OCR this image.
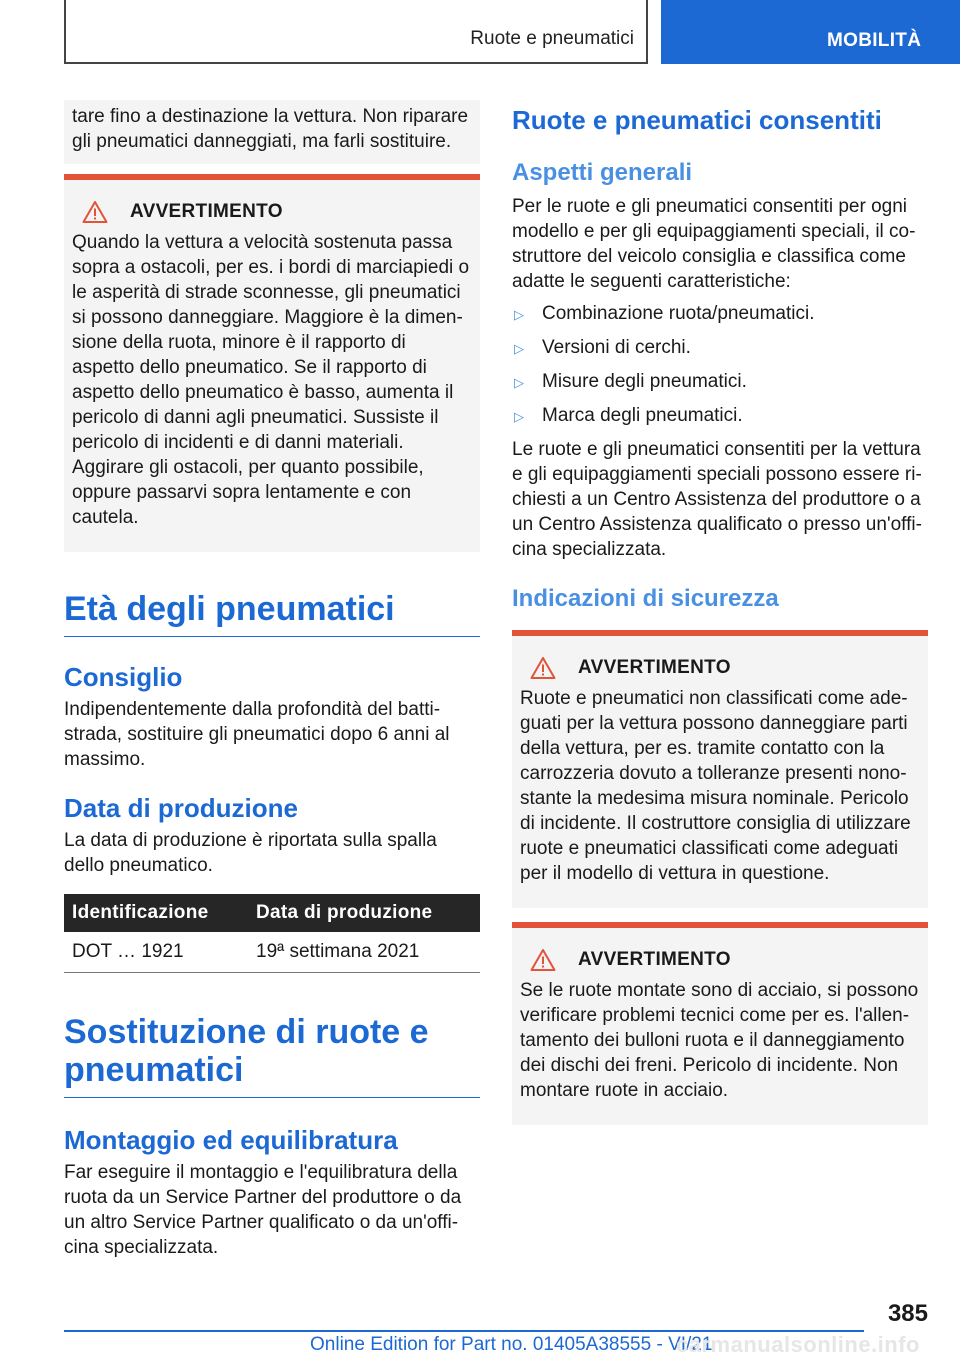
Ruote e pneumatici	MOBILITÀ

tare fino a destinazione la vettura. Non riparare gli pneumatici danneggiati, ma farli sostituire.

AVVERTIMENTO

Quando la vettura a velocità sostenuta passa sopra a ostacoli, per es. i bordi di marciapiedi o le asperità di strade sconnesse, gli pneumatici si possono danneggiare. Maggiore è la dimensione della ruota, minore è il rapporto di aspetto dello pneumatico. Se il rapporto di aspetto dello pneumatico è basso, aumenta il pericolo di danni agli pneumatici. Sussiste il pericolo di incidenti e di danni materiali. Aggirare gli ostacoli, per quanto possibile, oppure passarvi sopra lentamente e con cautela.

Età degli pneumatici
Consiglio

Indipendentemente dalla profondità del battistrada, sostituire gli pneumatici dopo 6 anni al massimo.

Data di produzione

La data di produzione è riportata sulla spalla dello pneumatico.

Identificazione	Data di produzione
DOT … 1921	19ª settimana 2021
Sostituzione di ruote e pneumatici
Montaggio ed equilibratura

Far eseguire il montaggio e l'equilibratura della ruota da un Service Partner del produttore o da un altro Service Partner qualificato o da un'officina specializzata.

Ruote e pneumatici consentiti
Aspetti generali

Per le ruote e gli pneumatici consentiti per ogni modello e per gli equipaggiamenti speciali, il costruttore del veicolo consiglia e classifica come adatte le seguenti caratteristiche:

▷ Combinazione ruota/pneumatici.
▷ Versioni di cerchi.
▷ Misure degli pneumatici.
▷ Marca degli pneumatici.

Le ruote e gli pneumatici consentiti per la vettura e gli equipaggiamenti speciali possono essere richiesti a un Centro Assistenza del produttore o a un Centro Assistenza qualificato o presso un'officina specializzata.

Indicazioni di sicurezza
AVVERTIMENTO

Ruote e pneumatici non classificati come adeguati per la vettura possono danneggiare parti della vettura, per es. tramite contatto con la carrozzeria dovuto a tolleranze presenti nonostante la medesima misura nominale. Pericolo di incidente. Il costruttore consiglia di utilizzare ruote e pneumatici classificati come adeguati per il modello di vettura in questione.

AVVERTIMENTO

Se le ruote montate sono di acciaio, si possono verificare problemi tecnici come per es. l'allentamento dei bulloni ruota e il danneggiamento dei dischi dei freni. Pericolo di incidente. Non montare ruote in acciaio.

385
Online Edition for Part no. 01405A38555 - VI/21
carmanualsonline.info
